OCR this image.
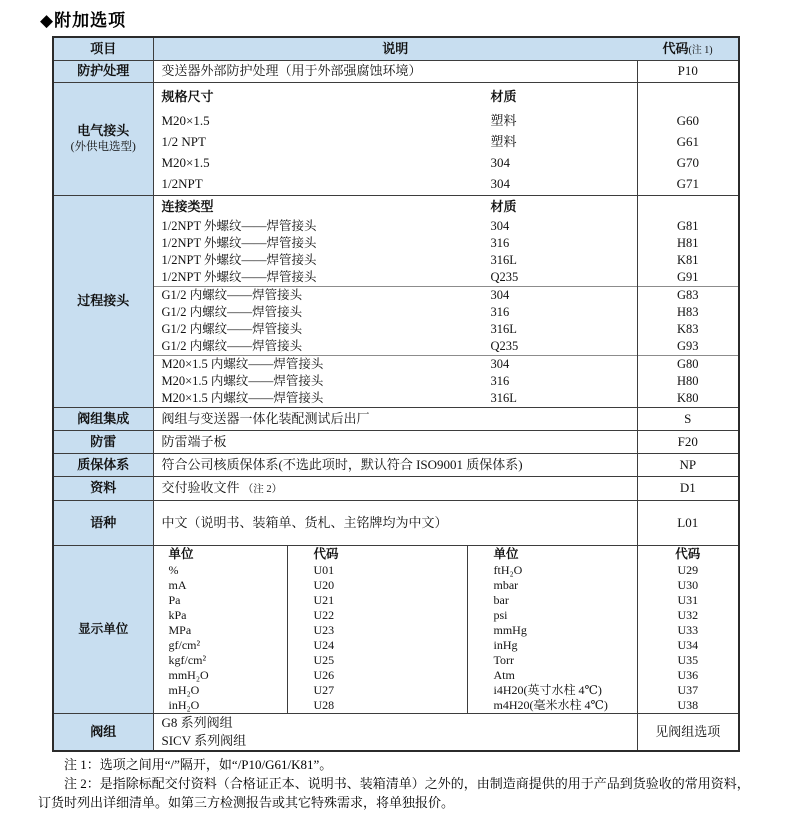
◆附加选项
项目	说明			代码(注 1)
防护处理	变送器外部防护处理（用于外部强腐蚀环境）			P10

电气接头
(外供电选型)

规格尺寸	材质

	M20×1.5 塑料			G60

	1/2 NPT 塑料			G61

	M20×1.5 304			G70

	1/2NPT 304			G71
过程接头	连接类型 材质			

	1/2NPT 外螺纹——焊管接头 304			G81

	1/2NPT 外螺纹——焊管接头 316			H81

	1/2NPT 外螺纹——焊管接头 316L			K81

	1/2NPT 外螺纹——焊管接头 Q235			G91

	G1/2 内螺纹——焊管接头 304			G83

	G1/2 内螺纹——焊管接头 316			H83

	G1/2 内螺纹——焊管接头 316L			K83

	G1/2 内螺纹——焊管接头 Q235			G93

	M20×1.5 内螺纹——焊管接头 304			G80

	M20×1.5 内螺纹——焊管接头 316			H80

	M20×1.5 内螺纹——焊管接头 316L			K80
阀组集成	阀组与变送器一体化装配测试后出厂			S
防雷	防雷端子板			F20
质保体系	符合公司核质保体系(不选此项时，默认符合 ISO9001 质保体系)			NP
资料	交付验收文件 （注 2）			D1
语种	中文（说明书、装箱单、货札、主铭牌均为中文）			L01
显示单位	单位	代码	单位	代码
	%	U01	ftH₂O	U29
	mA	U20	mbar	U30
	Pa	U21	bar	U31
	kPa	U22	psi	U32
	MPa	U23	mmHg	U33
	gf/cm²	U24	inHg	U34
	kgf/cm²	U25	Torr	U35
	mmH₂O	U26	Atm	U36
	mH₂O	U27	i4H20(英寸水柱 4℃)	U37
	inH₂O	U28	m4H20(毫米水柱 4℃)	U38
阀组	G8 系列阀组			见阀组选项
	SICV 系列阀组			

注 1：选项之间用“/”隔开，如“/P10/G61/K81”。

注 2：是指除标配交付资料（合格证正本、说明书、装箱清单）之外的，由制造商提供的用于产品到货验收的常用资料，订货时列出详细清单。如第三方检测报告或其它特殊需求，将单独报价。
